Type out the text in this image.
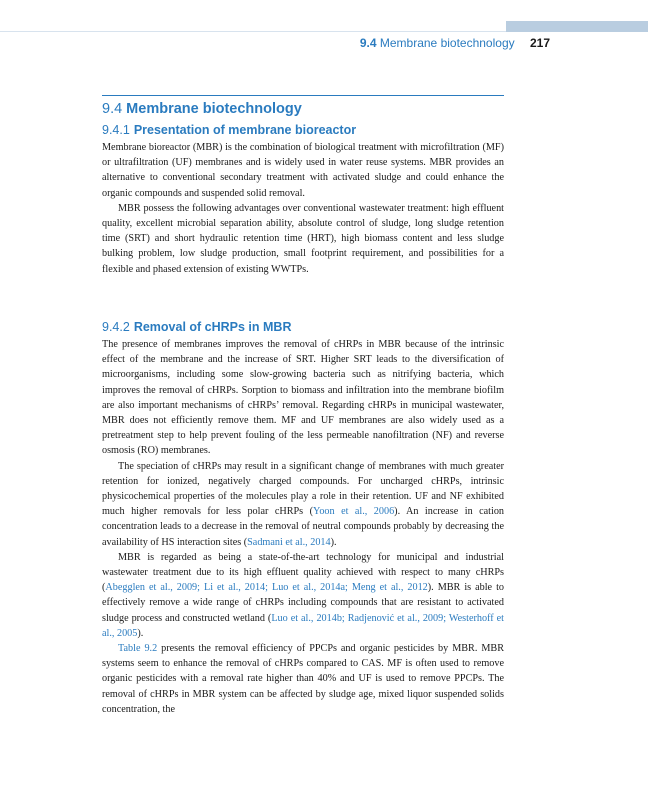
9.4 Membrane biotechnology 217
9.4 Membrane biotechnology
9.4.1 Presentation of membrane bioreactor

Membrane bioreactor (MBR) is the combination of biological treatment with microfiltration (MF) or ultrafiltration (UF) membranes and is widely used in water reuse systems. MBR provides an alternative to conventional secondary treatment with activated sludge and could enhance the organic compounds and suspended solid removal.

MBR possess the following advantages over conventional wastewater treatment: high effluent quality, excellent microbial separation ability, absolute control of sludge, long sludge retention time (SRT) and short hydraulic retention time (HRT), high biomass content and less sludge bulking problem, low sludge production, small footprint requirement, and possibilities for a flexible and phased extension of existing WWTPs.

9.4.2 Removal of cHRPs in MBR

The presence of membranes improves the removal of cHRPs in MBR because of the intrinsic effect of the membrane and the increase of SRT. Higher SRT leads to the diversification of microorganisms, including some slow-growing bacteria such as nitrifying bacteria, which improves the removal of cHRPs. Sorption to biomass and infiltration into the membrane biofilm are also important mechanisms of cHRPs’ removal. Regarding cHRPs in municipal wastewater, MBR does not efficiently remove them. MF and UF membranes are also widely used as a pretreatment step to help prevent fouling of the less permeable nanofiltration (NF) and reverse osmosis (RO) membranes.

The speciation of cHRPs may result in a significant change of membranes with much greater retention for ionized, negatively charged compounds. For uncharged cHRPs, intrinsic physicochemical properties of the molecules play a role in their retention. UF and NF exhibited much higher removals for less polar cHRPs (Yoon et al., 2006). An increase in cation concentration leads to a decrease in the removal of neutral compounds probably by decreasing the availability of HS interaction sites (Sadmani et al., 2014).

MBR is regarded as being a state-of-the-art technology for municipal and industrial wastewater treatment due to its high effluent quality achieved with respect to many cHRPs (Abegglen et al., 2009; Li et al., 2014; Luo et al., 2014a; Meng et al., 2012). MBR is able to effectively remove a wide range of cHRPs including compounds that are resistant to activated sludge process and constructed wetland (Luo et al., 2014b; Radjenović et al., 2009; Westerhoff et al., 2005).

Table 9.2 presents the removal efficiency of PPCPs and organic pesticides by MBR. MBR systems seem to enhance the removal of cHRPs compared to CAS. MF is often used to remove organic pesticides with a removal rate higher than 40% and UF is used to remove PPCPs. The removal of cHRPs in MBR system can be affected by sludge age, mixed liquor suspended solids concentration, the
